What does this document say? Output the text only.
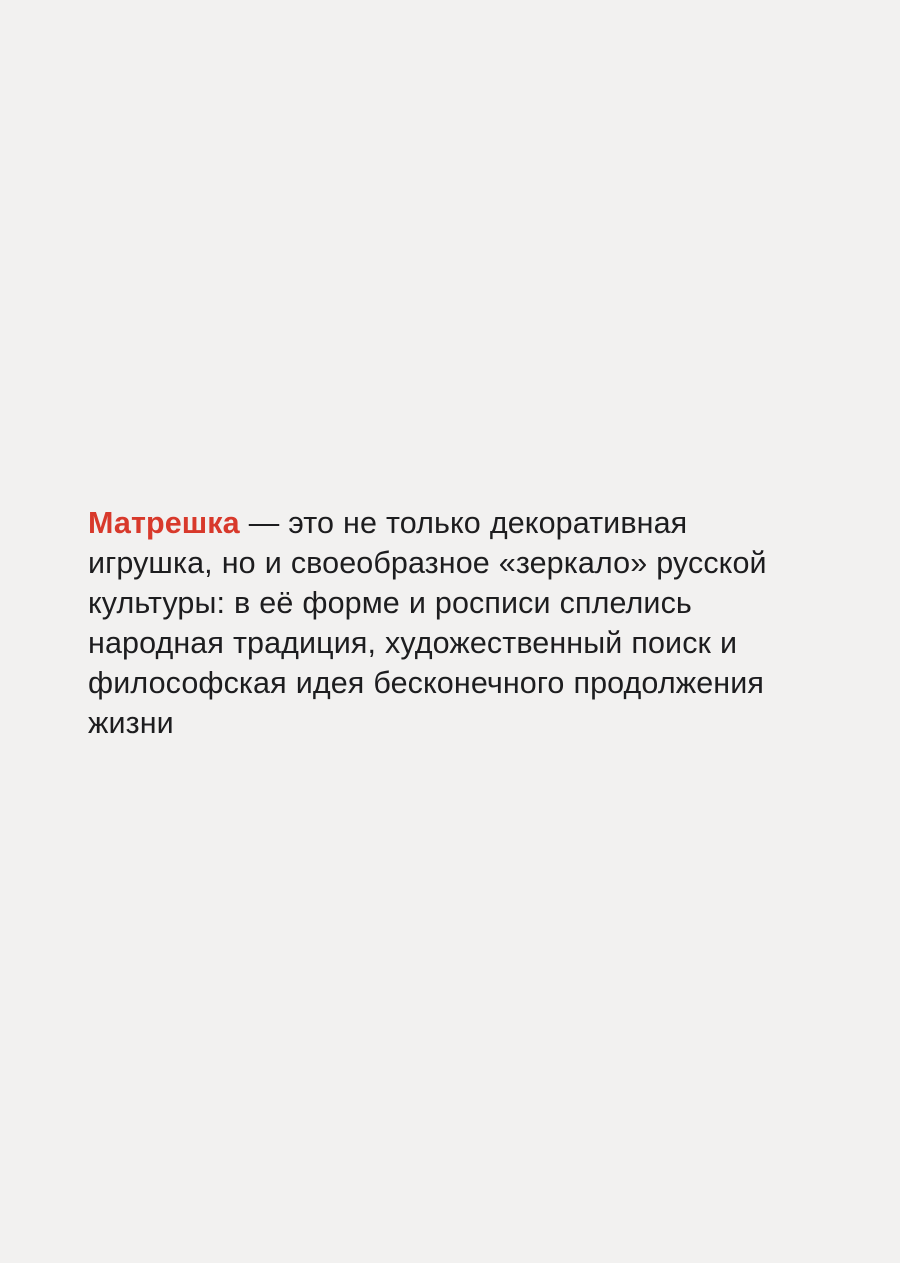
Матрешка — это не только декоративная игрушка, но и своеобразное «зеркало» русской культуры: в её форме и росписи сплелись народная традиция, художественный поиск и философская идея бесконечного продолжения жизни
